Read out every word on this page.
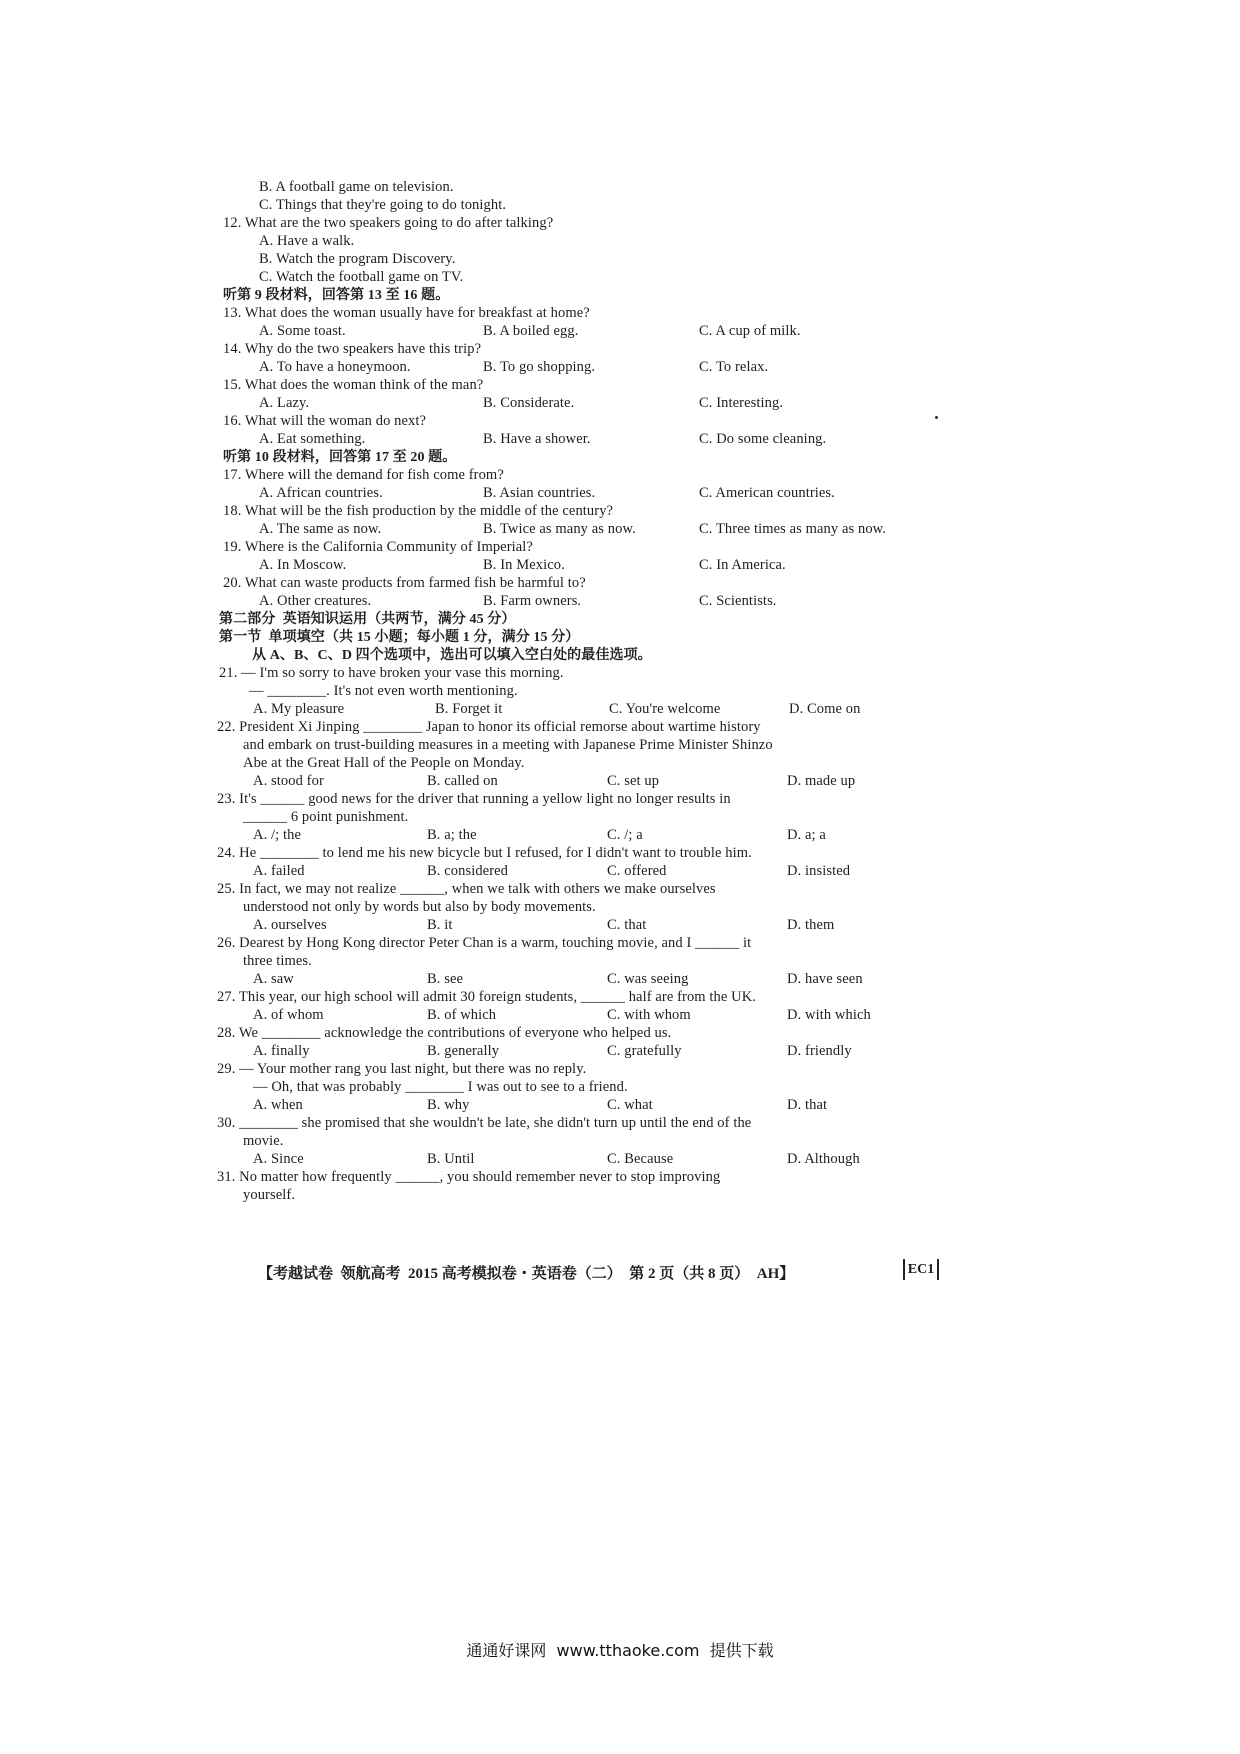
B. A football game on television.
C. Things that they're going to do tonight.
12. What are the two speakers going to do after talking?
A. Have a walk.
B. Watch the program Discovery.
C. Watch the football game on TV.
听第 9 段材料，回答第 13 至 16 题。
13. What does the woman usually have for breakfast at home?
A. Some toast.	B. A boiled egg.	C. A cup of milk.
14. Why do the two speakers have this trip?
A. To have a honeymoon.	B. To go shopping.	C. To relax.
15. What does the woman think of the man?
A. Lazy.	B. Considerate.	C. Interesting.
16. What will the woman do next?
A. Eat something.	B. Have a shower.	C. Do some cleaning.
听第 10 段材料，回答第 17 至 20 题。
17. Where will the demand for fish come from?
A. African countries.	B. Asian countries.	C. American countries.
18. What will be the fish production by the middle of the century?
A. The same as now.	B. Twice as many as now.	C. Three times as many as now.
19. Where is the California Community of Imperial?
A. In Moscow.	B. In Mexico.	C. In America.
20. What can waste products from farmed fish be harmful to?
A. Other creatures.	B. Farm owners.	C. Scientists.
第二部分  英语知识运用（共两节，满分 45 分）
第一节  单项填空（共 15 小题；每小题 1 分，满分 15 分）
从 A、B、C、D 四个选项中，选出可以填入空白处的最佳选项。
21. — I'm so sorry to have broken your vase this morning.
— ________. It's not even worth mentioning.
A. My pleasure	B. Forget it	C. You're welcome	D. Come on
22. President Xi Jinping ________ Japan to honor its official remorse about wartime history
and embark on trust-building measures in a meeting with Japanese Prime Minister Shinzo
Abe at the Great Hall of the People on Monday.
A. stood for	B. called on	C. set up	D. made up
23. It's ______ good news for the driver that running a yellow light no longer results in
______ 6 point punishment.
A. /; the	B. a; the	C. /; a	D. a; a
24. He ________ to lend me his new bicycle but I refused, for I didn't want to trouble him.
A. failed	B. considered	C. offered	D. insisted
25. In fact, we may not realize ______, when we talk with others we make ourselves
understood not only by words but also by body movements.
A. ourselves	B. it	C. that	D. them
26. Dearest by Hong Kong director Peter Chan is a warm, touching movie, and I ______ it
three times.
A. saw	B. see	C. was seeing	D. have seen
27. This year, our high school will admit 30 foreign students, ______ half are from the UK.
A. of whom	B. of which	C. with whom	D. with which
28. We ________ acknowledge the contributions of everyone who helped us.
A. finally	B. generally	C. gratefully	D. friendly
29. — Your mother rang you last night, but there was no reply.
— Oh, that was probably ________ I was out to see to a friend.
A. when	B. why	C. what	D. that
30. ________ she promised that she wouldn't be late, she didn't turn up until the end of the
movie.
A. Since	B. Until	C. Because	D. Although
31. No matter how frequently ______, you should remember never to stop improving
yourself.
【考越试卷  领航高考  2015 高考模拟卷・英语卷（二）  第 2 页（共 8 页）  AH】	EC1
通通好课网  www.tthaoke.com  提供下载
